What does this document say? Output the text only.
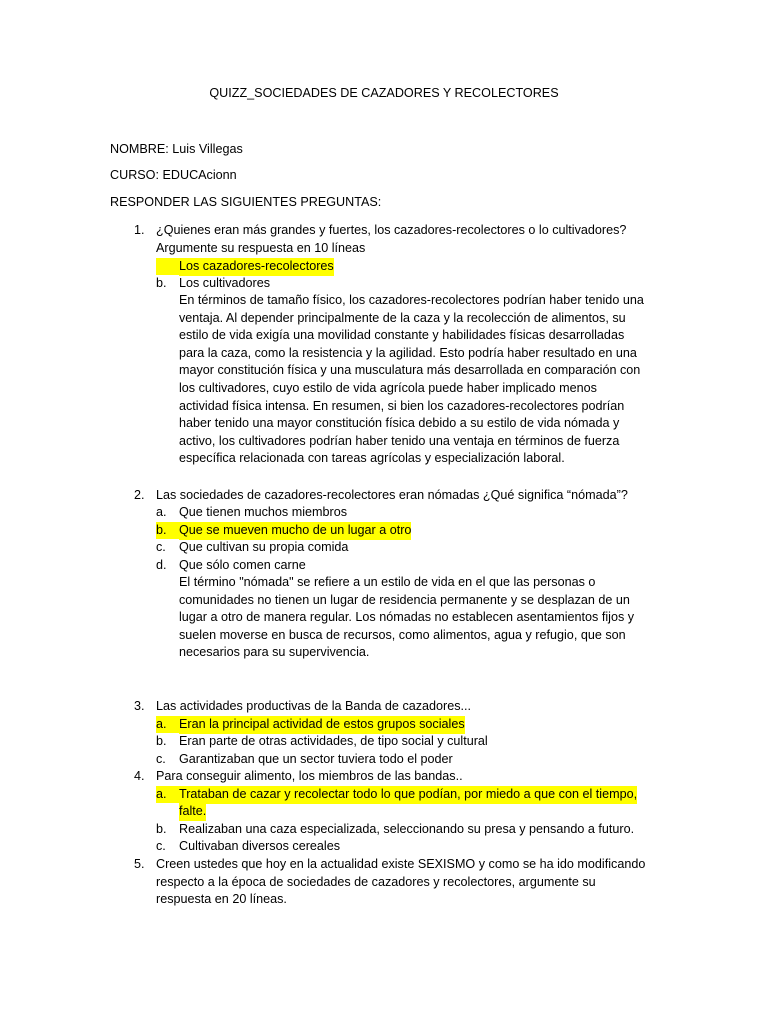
QUIZZ_SOCIEDADES DE CAZADORES Y RECOLECTORES
NOMBRE: Luis Villegas
CURSO: EDUCAcionn
RESPONDER LAS SIGUIENTES PREGUNTAS:
1. ¿Quienes eran más grandes y fuertes, los cazadores-recolectores o lo cultivadores?
Argumente su respuesta en 10 líneas
Los cazadores-recolectores
b. Los cultivadores
En términos de tamaño físico, los cazadores-recolectores podrían haber tenido una
ventaja. Al depender principalmente de la caza y la recolección de alimentos, su
estilo de vida exigía una movilidad constante y habilidades físicas desarrolladas
para la caza, como la resistencia y la agilidad. Esto podría haber resultado en una
mayor constitución física y una musculatura más desarrollada en comparación con
los cultivadores, cuyo estilo de vida agrícola puede haber implicado menos
actividad física intensa. En resumen, si bien los cazadores-recolectores podrían
haber tenido una mayor constitución física debido a su estilo de vida nómada y
activo, los cultivadores podrían haber tenido una ventaja en términos de fuerza
específica relacionada con tareas agrícolas y especialización laboral.
2. Las sociedades de cazadores-recolectores eran nómadas ¿Qué significa “nómada”?
a. Que tienen muchos miembros
b. Que se mueven mucho de un lugar a otro
c. Que cultivan su propia comida
d. Que sólo comen carne
El término "nómada" se refiere a un estilo de vida en el que las personas o
comunidades no tienen un lugar de residencia permanente y se desplazan de un
lugar a otro de manera regular. Los nómadas no establecen asentamientos fijos y
suelen moverse en busca de recursos, como alimentos, agua y refugio, que son
necesarios para su supervivencia.
3. Las actividades productivas de la Banda de cazadores...
a. Eran la principal actividad de estos grupos sociales
b. Eran parte de otras actividades, de tipo social y cultural
c. Garantizaban que un sector tuviera todo el poder
4. Para conseguir alimento, los miembros de las bandas..
a. Trataban de cazar y recolectar todo lo que podían, por miedo a que con el tiempo,
falte.
b. Realizaban una caza especializada, seleccionando su presa y pensando a futuro.
c. Cultivaban diversos cereales
5. Creen ustedes que hoy en la actualidad existe SEXISMO y como se ha ido modificando
respecto a la época de sociedades de cazadores y recolectores, argumente su
respuesta en 20 líneas.
